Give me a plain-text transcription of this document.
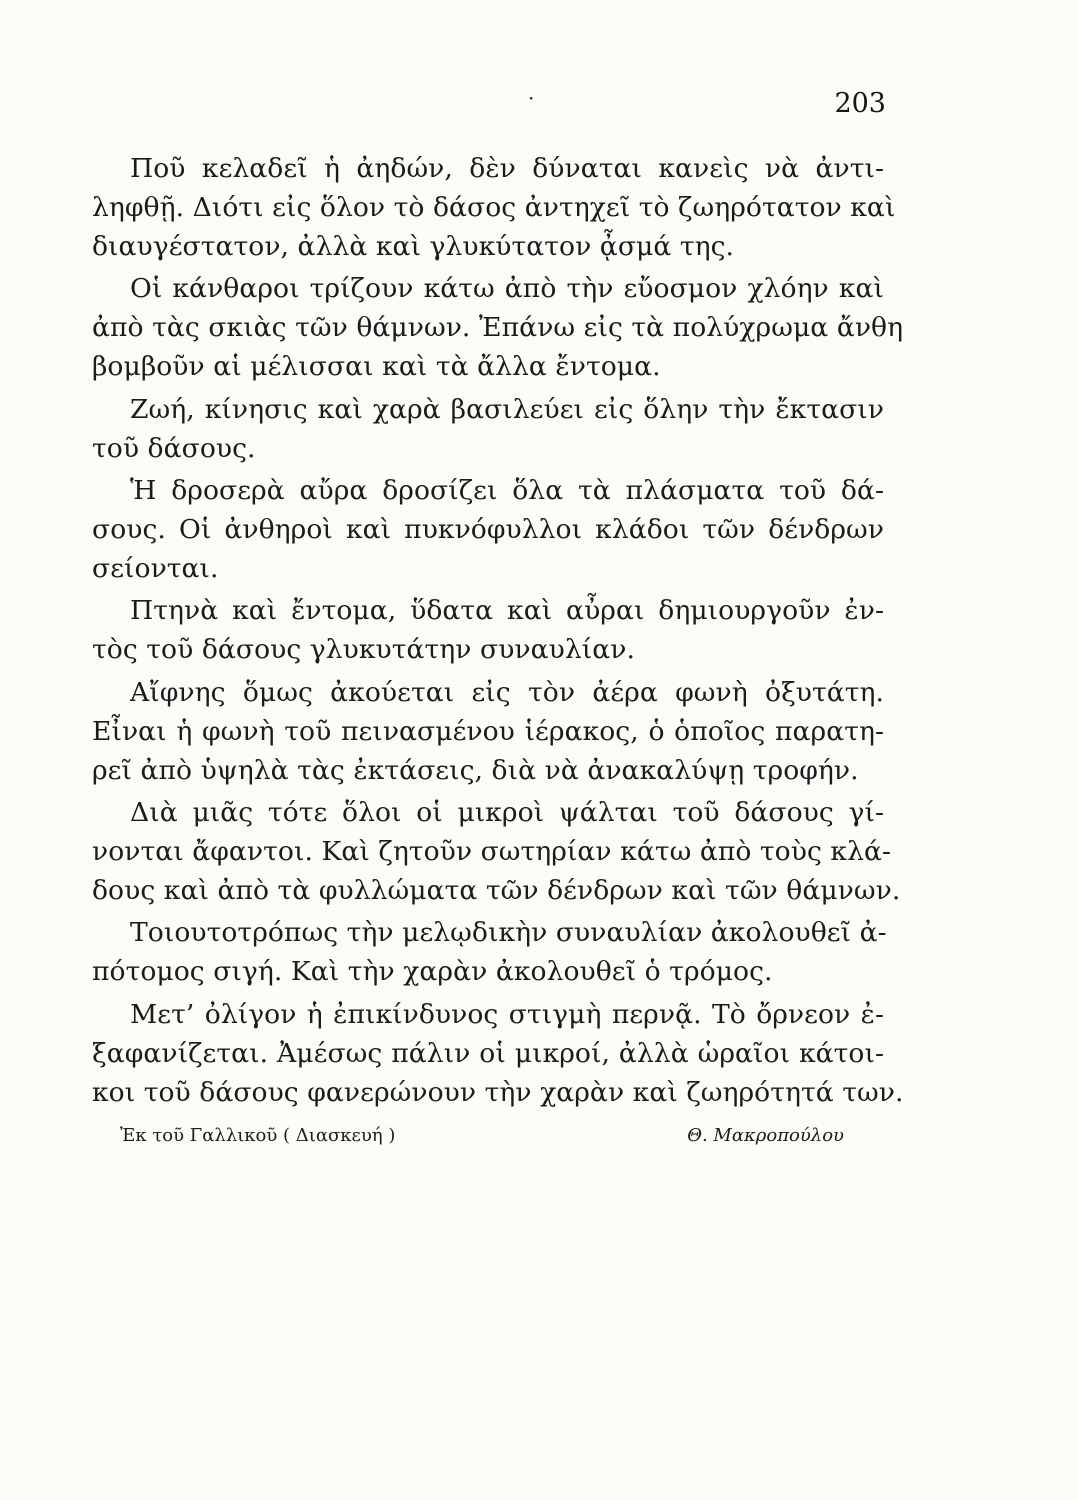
·	203
Ποῦ κελαδεῖ ἡ ἀηδών, δὲν δύναται κανεὶς νὰ ἀντι-
ληφθῇ. Διότι εἰς ὅλον τὸ δάσος ἀντηχεῖ τὸ ζωηρότατον καὶ
διαυγέστατον, ἀλλὰ καὶ γλυκύτατον ᾆσμά της.
Οἱ κάνθαροι τρίζουν κάτω ἀπὸ τὴν εὔοσμον χλόην καὶ
ἀπὸ τὰς σκιὰς τῶν θάμνων. Ἐπάνω εἰς τὰ πολύχρωμα ἄνθη
βομβοῦν αἱ μέλισσαι καὶ τὰ ἄλλα ἔντομα.
Ζωή, κίνησις καὶ χαρὰ βασιλεύει εἰς ὅλην τὴν ἔκτασιν
τοῦ δάσους.
Ἡ δροσερὰ αὔρα δροσίζει ὅλα τὰ πλάσματα τοῦ δά-
σους. Οἱ ἀνθηροὶ καὶ πυκνόφυλλοι κλάδοι τῶν δένδρων
σείονται.
Πτηνὰ καὶ ἔντομα, ὕδατα καὶ αὖραι δημιουργοῦν ἐν-
τὸς τοῦ δάσους γλυκυτάτην συναυλίαν.
Αἴφνης ὅμως ἀκούεται εἰς τὸν ἀέρα φωνὴ ὀξυτάτη.
Εἶναι ἡ φωνὴ τοῦ πεινασμένου ἱέρακος, ὁ ὁποῖος παρατη-
ρεῖ ἀπὸ ὑψηλὰ τὰς ἐκτάσεις, διὰ νὰ ἀνακαλύψῃ τροφήν.
Διὰ μιᾶς τότε ὅλοι οἱ μικροὶ ψάλται τοῦ δάσους γί-
νονται ἄφαντοι. Καὶ ζητοῦν σωτηρίαν κάτω ἀπὸ τοὺς κλά-
δους καὶ ἀπὸ τὰ φυλλώματα τῶν δένδρων καὶ τῶν θάμνων.
Τοιουτοτρόπως τὴν μελῳδικὴν συναυλίαν ἀκολουθεῖ ἀ-
πότομος σιγή. Καὶ τὴν χαρὰν ἀκολουθεῖ ὁ τρόμος.
Μετ’ ὀλίγον ἡ ἐπικίνδυνος στιγμὴ περνᾷ. Τὸ ὄρνεον ἐ-
ξαφανίζεται. Ἀμέσως πάλιν οἱ μικροί, ἀλλὰ ὡραῖοι κάτοι-
κοι τοῦ δάσους φανερώνουν τὴν χαρὰν καὶ ζωηρότητά των.
Ἐκ τοῦ Γαλλικοῦ ( Διασκευή )	Θ. Μακροπούλου
